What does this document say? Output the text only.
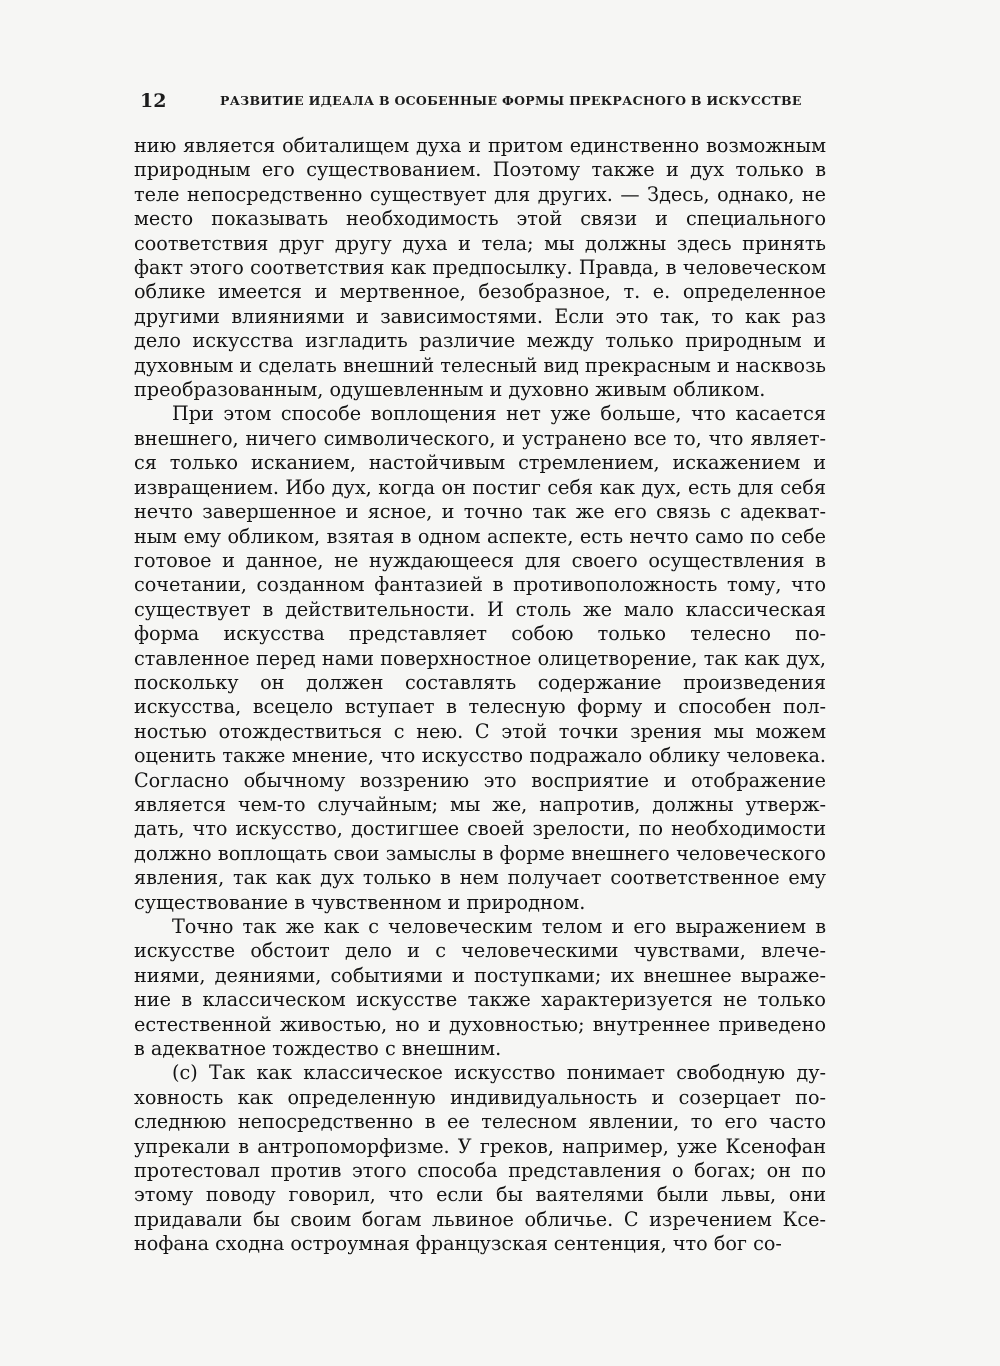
12	РАЗВИТИЕ ИДЕАЛА В ОСОБЕННЫЕ ФОРМЫ ПРЕКРАСНОГО В ИСКУССТВЕ

нию является обиталищем духа и притом единственно возможным природным его существованием. Поэтому также и дух только в теле непосредственно существует для других. — Здесь, однако, не место показывать необходимость этой связи и специального соответствия друг другу духа и тела; мы должны здесь принять факт этого соответствия как предпосылку. Правда, в человеческом облике имеется и мертвенное, безобразное, т. е. определенное другими влияниями и зависимостями. Если это так, то как раз дело искусства изгладить различие между только природным и духовным и сделать внешний телесный вид прекрасным и насквозь преобразованным, одушевленным и духовно живым обликом.

При этом способе воплощения нет уже больше, что касается внешнего, ничего символического, и устранено все то, что является только исканием, настойчивым стремлением, искажением и извращением. Ибо дух, когда он постиг себя как дух, есть для себя нечто завершенное и ясное, и точно так же его связь с адекватным ему обликом, взятая в одном аспекте, есть нечто само по себе готовое и данное, не нуждающееся для своего осуществления в сочетании, созданном фантазией в противоположность тому, что существует в действительности. И столь же мало классическая форма искусства представляет собою только телесно поставленное перед нами поверхностное олицетворение, так как дух, поскольку он должен составлять содержание произведения искусства, всецело вступает в телесную форму и способен полностью отождествиться с нею. С этой точки зрения мы можем оценить также мнение, что искусство подражало облику человека. Согласно обычному воззрению это восприятие и отображение является чем-то случайным; мы же, напротив, должны утверждать, что искусство, достигшее своей зрелости, по необходимости должно воплощать свои замыслы в форме внешнего человеческого явления, так как дух только в нем получает соответственное ему существование в чувственном и природном.

Точно так же как с человеческим телом и его выражением в искусстве обстоит дело и с человеческими чувствами, влечениями, деяниями, событиями и поступками; их внешнее выражение в классическом искусстве также характеризуется не только естественной живостью, но и духовностью; внутреннее приведено в адекватное тождество с внешним.

(c) Так как классическое искусство понимает свободную духовность как определенную индивидуальность и созерцает последнюю непосредственно в ее телесном явлении, то его часто упрекали в антропоморфизме. У греков, например, уже Ксенофан протестовал против этого способа представления о богах; он по этому поводу говорил, что если бы ваятелями были львы, они придавали бы своим богам львиное обличье. С изречением Ксенофана сходна остроумная французская сентенция, что бог со-
